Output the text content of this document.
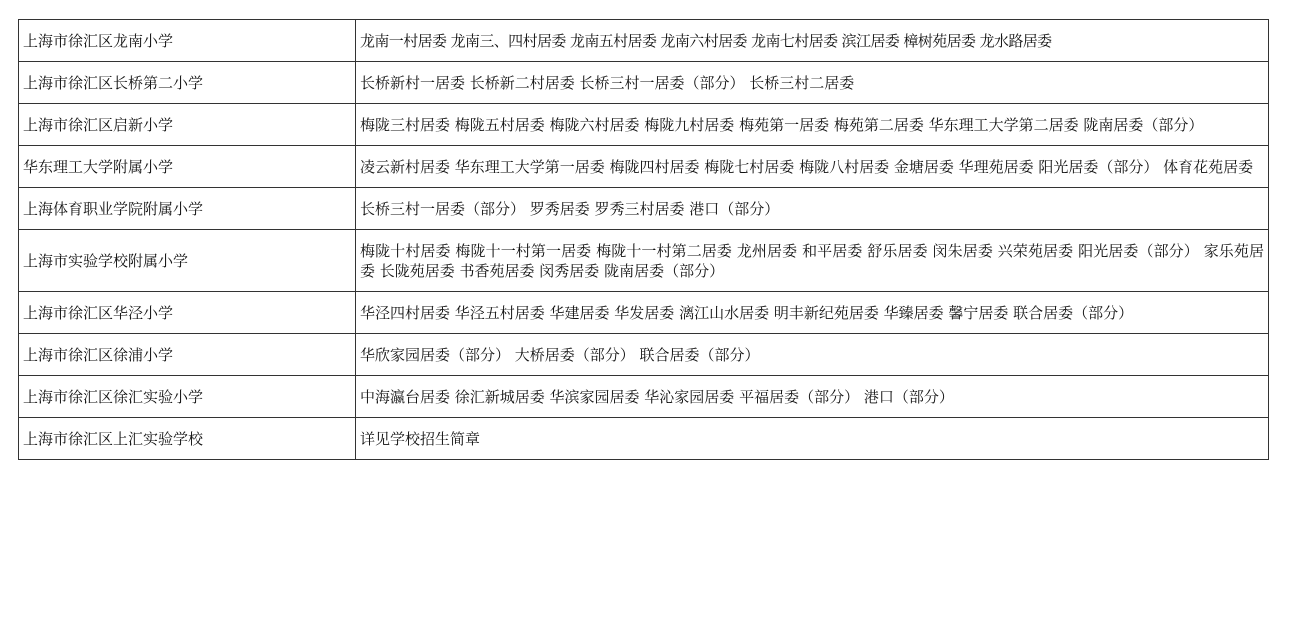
上海市徐汇区龙南小学	龙南一村居委 龙南三、四村居委 龙南五村居委 龙南六村居委 龙南七村居委 滨江居委 樟树苑居委 龙水路居委
上海市徐汇区长桥第二小学	长桥新村一居委 长桥新二村居委 长桥三村一居委（部分） 长桥三村二居委
上海市徐汇区启新小学	梅陇三村居委 梅陇五村居委 梅陇六村居委 梅陇九村居委 梅苑第一居委 梅苑第二居委 华东理工大学第二居委 陇南居委（部分）
华东理工大学附属小学	凌云新村居委 华东理工大学第一居委 梅陇四村居委 梅陇七村居委 梅陇八村居委 金塘居委 华理苑居委 阳光居委（部分） 体育花苑居委
上海体育职业学院附属小学	长桥三村一居委（部分） 罗秀居委 罗秀三村居委 港口（部分）
上海市实验学校附属小学	梅陇十村居委 梅陇十一村第一居委 梅陇十一村第二居委 龙州居委 和平居委 舒乐居委 闵朱居委 兴荣苑居委 阳光居委（部分） 家乐苑居委 长陇苑居委 书香苑居委 闵秀居委 陇南居委（部分）
上海市徐汇区华泾小学	华泾四村居委 华泾五村居委 华建居委 华发居委 漓江山水居委 明丰新纪苑居委 华臻居委 馨宁居委 联合居委（部分）
上海市徐汇区徐浦小学	华欣家园居委（部分） 大桥居委（部分） 联合居委（部分）
上海市徐汇区徐汇实验小学	中海瀛台居委 徐汇新城居委 华滨家园居委 华沁家园居委 平福居委（部分） 港口（部分）
上海市徐汇区上汇实验学校	详见学校招生简章
